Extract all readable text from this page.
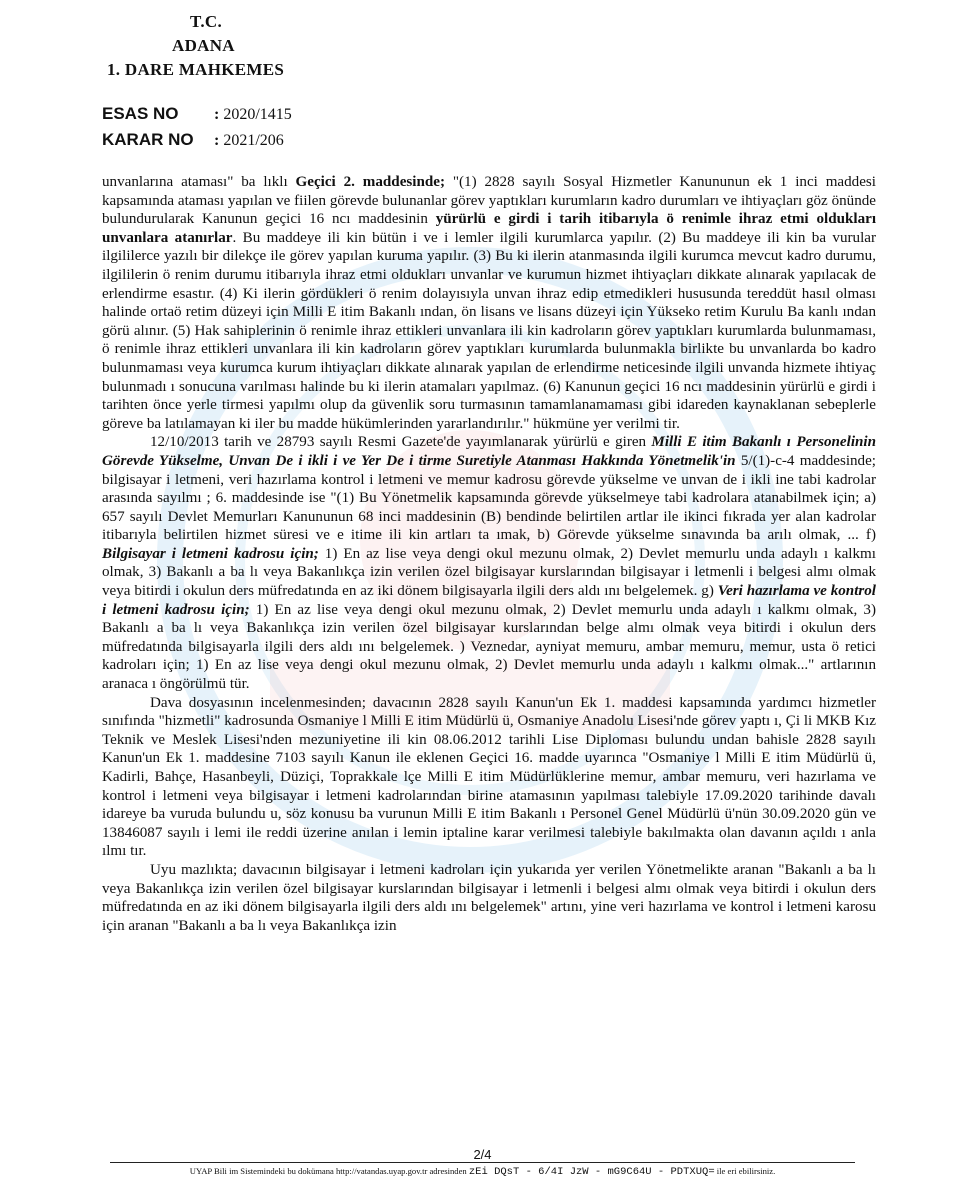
T.C.
ADANA
1. DARE MAHKEMES
ESAS NO : 2020/1415
KARAR NO : 2021/206

unvanlarına ataması" ba lıklı Geçici 2. maddesinde; "(1) 2828 sayılı Sosyal Hizmetler Kanununun ek 1 inci maddesi kapsamında ataması yapılan ve fiilen görevde bulunanlar görev yaptıkları kurumların kadro durumları ve ihtiyaçları göz önünde bulundurularak Kanunun geçici 16 ncı maddesinin yürürlü e girdi i tarih itibarıyla ö renimle ihraz etmi oldukları unvanlara atanırlar. Bu maddeye ili kin bütün i ve i lemler ilgili kurumlarca yapılır. (2) Bu maddeye ili kin ba vurular ilgililerce yazılı bir dilekçe ile görev yapılan kuruma yapılır. (3) Bu ki ilerin atanmasında ilgili kurumca mevcut kadro durumu, ilgililerin ö renim durumu itibarıyla ihraz etmi oldukları unvanlar ve kurumun hizmet ihtiyaçları dikkate alınarak yapılacak de erlendirme esastır. (4) Ki ilerin gördükleri ö renim dolayısıyla unvan ihraz edip etmedikleri hususunda tereddüt hasıl olması halinde ortaö retim düzeyi için Milli E itim Bakanlı ından, ön lisans ve lisans düzeyi için Yükseko retim Kurulu Ba kanlı ından görü alınır. (5) Hak sahiplerinin ö renimle ihraz ettikleri unvanlara ili kin kadroların görev yaptıkları kurumlarda bulunmaması, ö renimle ihraz ettikleri unvanlara ili kin kadroların görev yaptıkları kurumlarda bulunmakla birlikte bu unvanlarda bo kadro bulunmaması veya kurumca kurum ihtiyaçları dikkate alınarak yapılan de erlendirme neticesinde ilgili unvanda hizmete ihtiyaç bulunmadı ı sonucuna varılması halinde bu ki ilerin atamaları yapılmaz. (6) Kanunun geçici 16 ncı maddesinin yürürlü e girdi i tarihten önce yerle tirmesi yapılmı olup da güvenlik soru turmasının tamamlanamaması gibi idareden kaynaklanan sebeplerle göreve ba latılamayan ki iler bu madde hükümlerinden yararlandırılır." hükmüne yer verilmi tir.

12/10/2013 tarih ve 28793 sayılı Resmi Gazete'de yayımlanarak yürürlü e giren Milli E itim Bakanlı ı Personelinin Görevde Yükselme, Unvan De i ikli i ve Yer De i tirme Suretiyle Atanması Hakkında Yönetmelik'in 5/(1)-c-4 maddesinde; bilgisayar i letmeni, veri hazırlama kontrol i letmeni ve memur kadrosu görevde yükselme ve unvan de i ikli ine tabi kadrolar arasında sayılmı ; 6. maddesinde ise "(1) Bu Yönetmelik kapsamında görevde yükselmeye tabi kadrolara atanabilmek için; a) 657 sayılı Devlet Memurları Kanununun 68 inci maddesinin (B) bendinde belirtilen artlar ile ikinci fıkrada yer alan kadrolar itibarıyla belirtilen hizmet süresi ve e itime ili kin artları ta ımak, b) Görevde yükselme sınavında ba arılı olmak, ... f) Bilgisayar i letmeni kadrosu için; 1) En az lise veya dengi okul mezunu olmak, 2) Devlet memurlu unda adaylı ı kalkmı olmak, 3) Bakanlı a ba lı veya Bakanlıkça izin verilen özel bilgisayar kurslarından bilgisayar i letmenli i belgesi almı olmak veya bitirdi i okulun ders müfredatında en az iki dönem bilgisayarla ilgili ders aldı ını belgelemek. g) Veri hazırlama ve kontrol i letmeni kadrosu için; 1) En az lise veya dengi okul mezunu olmak, 2) Devlet memurlu unda adaylı ı kalkmı olmak, 3) Bakanlı a ba lı veya Bakanlıkça izin verilen özel bilgisayar kurslarından belge almı olmak veya bitirdi i okulun ders müfredatında bilgisayarla ilgili ders aldı ını belgelemek. ) Veznedar, ayniyat memuru, ambar memuru, memur, usta ö retici kadroları için; 1) En az lise veya dengi okul mezunu olmak, 2) Devlet memurlu unda adaylı ı kalkmı olmak..." artlarının aranaca ı öngörülmü tür.

Dava dosyasının incelenmesinden; davacının 2828 sayılı Kanun'un Ek 1. maddesi kapsamında yardımcı hizmetler sınıfında "hizmetli" kadrosunda Osmaniye l Milli E itim Müdürlü ü, Osmaniye Anadolu Lisesi'nde görev yaptı ı, Çi li MKB Kız Teknik ve Meslek Lisesi'nden mezuniyetine ili kin 08.06.2012 tarihli Lise Diploması bulundu undan bahisle 2828 sayılı Kanun'un Ek 1. maddesine 7103 sayılı Kanun ile eklenen Geçici 16. madde uyarınca "Osmaniye l Milli E itim Müdürlü ü, Kadirli, Bahçe, Hasanbeyli, Düziçi, Toprakkale lçe Milli E itim Müdürlüklerine memur, ambar memuru, veri hazırlama ve kontrol i letmeni veya bilgisayar i letmeni kadrolarından birine atamasının yapılması talebiyle 17.09.2020 tarihinde davalı idareye ba vuruda bulundu u, söz konusu ba vurunun Milli E itim Bakanlı ı Personel Genel Müdürlü ü'nün 30.09.2020 gün ve 13846087 sayılı i lemi ile reddi üzerine anılan i lemin iptaline karar verilmesi talebiyle bakılmakta olan davanın açıldı ı anla ılmı tır.

Uyu mazlıkta; davacının bilgisayar i letmeni kadroları için yukarıda yer verilen Yönetmelikte aranan "Bakanlı a ba lı veya Bakanlıkça izin verilen özel bilgisayar kurslarından bilgisayar i letmenli i belgesi almı olmak veya bitirdi i okulun ders müfredatında en az iki dönem bilgisayarla ilgili ders aldı ını belgelemek" artını, yine veri hazırlama ve kontrol i letmeni karosu için aranan "Bakanlı a ba lı veya Bakanlıkça izin

2/4
UYAP Bili im Sistemindeki bu dokümana http://vatandas.uyap.gov.tr adresinden zEi DQsT - 6/4I JzW - mG9C64U - PDTXUQ= ile eri ebilirsiniz.
